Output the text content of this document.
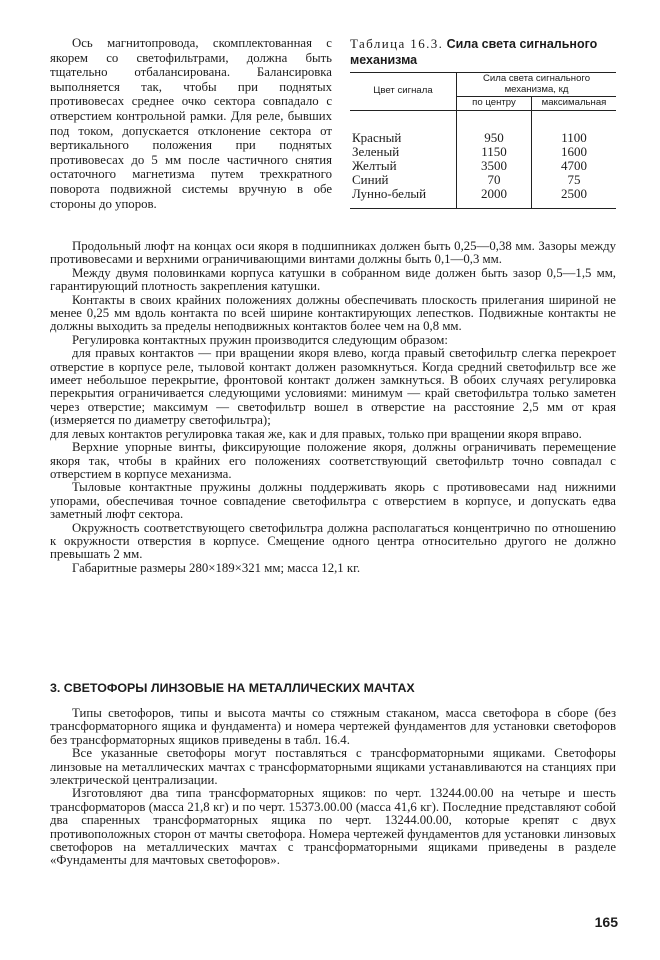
Ось магнитопровода, скомплектованная с якорем со светофильтрами, должна быть тщательно отбалансирована. Балансировка выполняется так, чтобы при поднятых противовесах среднее очко сектора совпадало с отверстием контрольной рамки. Для реле, бывших под током, допускается отклонение сектора от вертикального положения при поднятых противовесах до 5 мм после частичного снятия остаточного магнетизма путем трехкратного поворота подвижной системы вручную в обе стороны до упоров.

Таблица 16.3. Сила света сигнального механизма
Цвет сигнала	Сила света сигнального механизма, кд	
	по центру	максимальная
Красный	950	1100
Зеленый	1150	1600
Желтый	3500	4700
Синий	70	75
Лунно-белый	2000	2500

Продольный люфт на концах оси якоря в подшипниках должен быть 0,25—0,38 мм. Зазоры между противовесами и верхними ограничивающими винтами должны быть 0,1—0,3 мм.

Между двумя половинками корпуса катушки в собранном виде должен быть зазор 0,5—1,5 мм, гарантирующий плотность закрепления катушки.

Контакты в своих крайних положениях должны обеспечивать плоскость прилегания шириной не менее 0,25 мм вдоль контакта по всей ширине контактирующих лепестков. Подвижные контакты не должны выходить за пределы неподвижных контактов более чем на 0,8 мм.

Регулировка контактных пружин производится следующим образом:

для правых контактов — при вращении якоря влево, когда правый светофильтр слегка перекроет отверстие в корпусе реле, тыловой контакт должен разомкнуться. Когда средний светофильтр все же имеет небольшое перекрытие, фронтовой контакт должен замкнуться. В обоих случаях регулировка перекрытия ограничивается следующими условиями: минимум — край светофильтра только заметен через отверстие; максимум — светофильтр вошел в отверстие на расстояние 2,5 мм от края (измеряется по диаметру светофильтра);

для левых контактов регулировка такая же, как и для правых, только при вращении якоря вправо.

Верхние упорные винты, фиксирующие положение якоря, должны ограничивать перемещение якоря так, чтобы в крайних его положениях соответствующий светофильтр точно совпадал с отверстием в корпусе механизма.

Тыловые контактные пружины должны поддерживать якорь с противовесами над нижними упорами, обеспечивая точное совпадение светофильтра с отверстием в корпусе, и допускать едва заметный люфт сектора.

Окружность соответствующего светофильтра должна располагаться концентрично по отношению к окружности отверстия в корпусе. Смещение одного центра относительно другого не должно превышать 2 мм.

Габаритные размеры 280×189×321 мм; масса 12,1 кг.

3. СВЕТОФОРЫ ЛИНЗОВЫЕ НА МЕТАЛЛИЧЕСКИХ МАЧТАХ

Типы светофоров, типы и высота мачты со стяжным стаканом, масса светофора в сборе (без трансформаторного ящика и фундамента) и номера чертежей фундаментов для установки светофоров без трансформаторных ящиков приведены в табл. 16.4.

Все указанные светофоры могут поставляться с трансформаторными ящиками. Светофоры линзовые на металлических мачтах с трансформаторными ящиками устанавливаются на станциях при электрической централизации.

Изготовляют два типа трансформаторных ящиков: по черт. 13244.00.00 на четыре и шесть трансформаторов (масса 21,8 кг) и по черт. 15373.00.00 (масса 41,6 кг). Последние представляют собой два спаренных трансформаторных ящика по черт. 13244.00.00, которые крепят с двух противоположных сторон от мачты светофора. Номера чертежей фундаментов для установки линзовых светофоров на металлических мачтах с трансформаторными ящиками приведены в разделе «Фундаменты для мачтовых светофоров».

165
